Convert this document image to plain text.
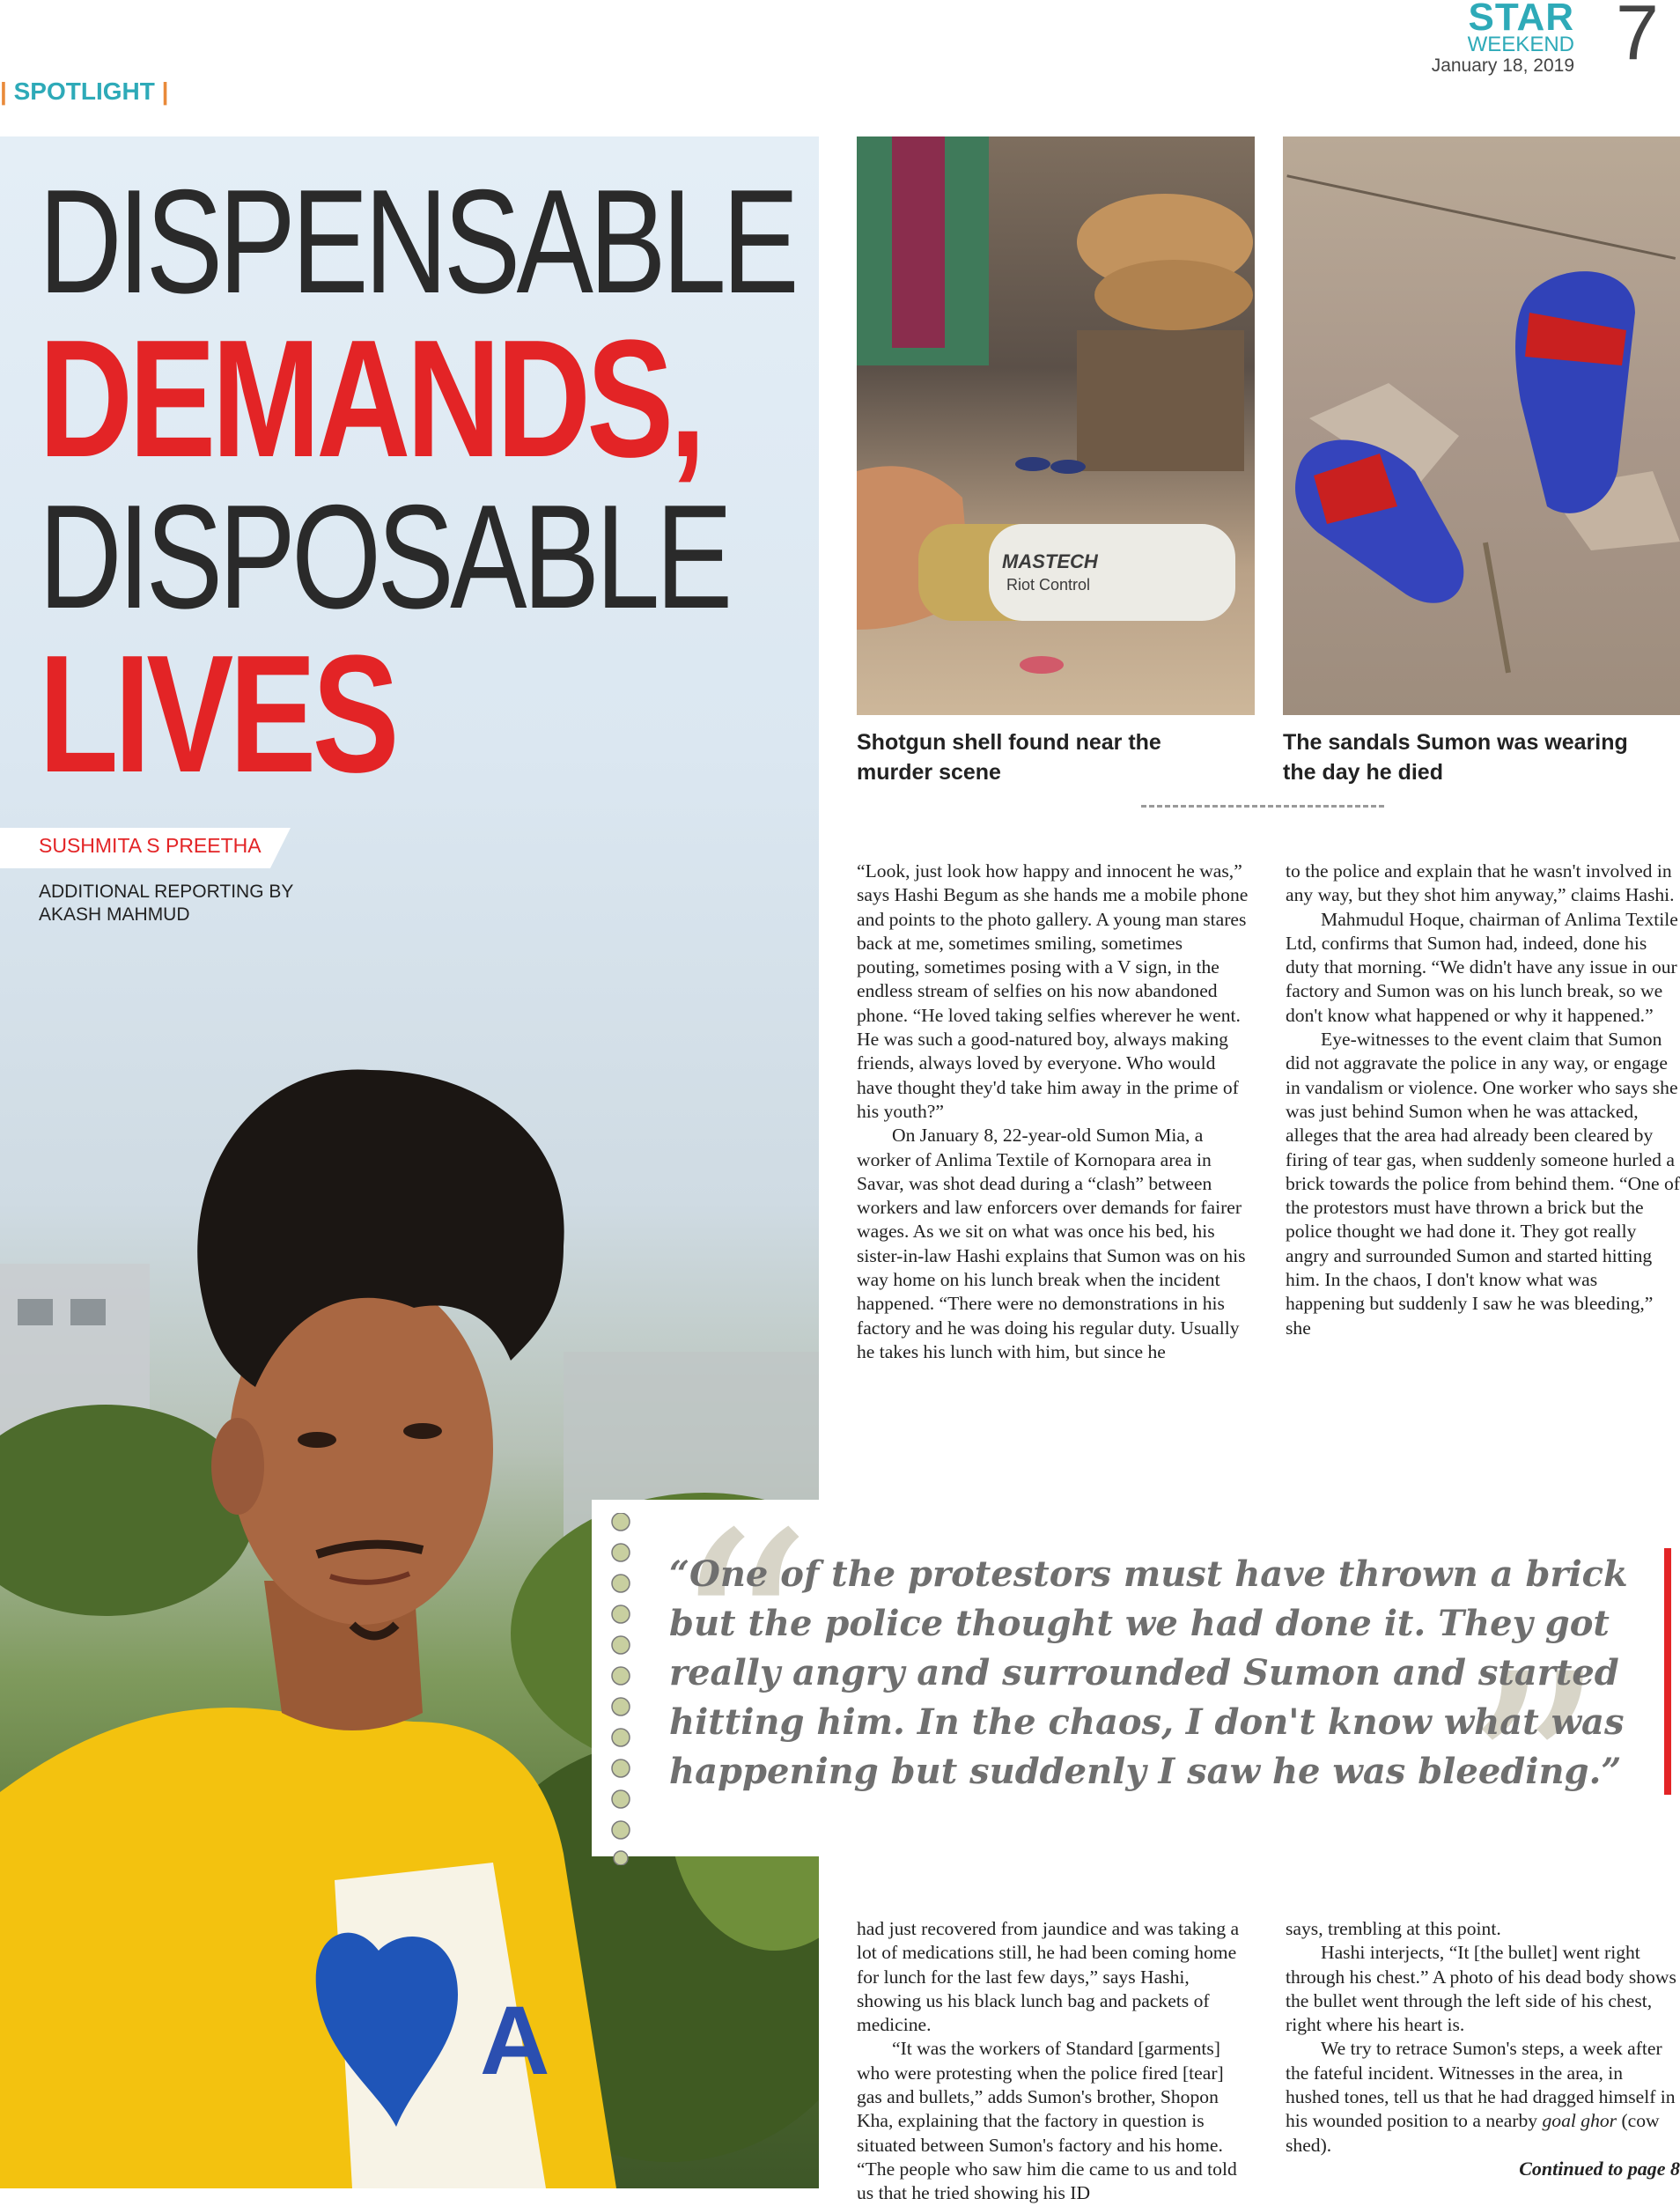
STAR
WEEKEND
January 18, 2019 7
| SPOTLIGHT |
A
DISPENSABLE
DEMANDS,
DISPOSABLE
LIVES
SUSHMITA S PREETHA
ADDITIONAL REPORTING BY AKASH MAHMUD
MASTECH
Riot Control
Shotgun shell found near the murder scene
The sandals Sumon was wearing the day he died

“Look, just look how happy and innocent he was,” says Hashi Begum as she hands me a mobile phone and points to the photo gallery. A young man stares back at me, sometimes smiling, sometimes pouting, sometimes posing with a V sign, in the endless stream of selfies on his now abandoned phone. “He loved taking selfies wherever he went. He was such a good-natured boy, always making friends, always loved by everyone. Who would have thought they'd take him away in the prime of his youth?”

On January 8, 22-year-old Sumon Mia, a worker of Anlima Textile of Kornopara area in Savar, was shot dead during a “clash” between workers and law enforcers over demands for fairer wages. As we sit on what was once his bed, his sister-in-law Hashi explains that Sumon was on his way home on his lunch break when the incident happened. “There were no demonstrations in his factory and he was doing his regular duty. Usually he takes his lunch with him, but since he

to the police and explain that he wasn't involved in any way, but they shot him anyway,” claims Hashi.

Mahmudul Hoque, chairman of Anlima Textile Ltd, confirms that Sumon had, indeed, done his duty that morning. “We didn't have any issue in our factory and Sumon was on his lunch break, so we don't know what happened or why it happened.”

Eye-witnesses to the event claim that Sumon did not aggravate the police in any way, or engage in vandalism or violence. One worker who says she was just behind Sumon when he was attacked, alleges that the area had already been cleared by firing of tear gas, when suddenly someone hurled a brick towards the police from behind them. “One of the protestors must have thrown a brick but the police thought we had done it. They got really angry and surrounded Sumon and started hitting him. In the chaos, I don't know what was happening but suddenly I saw he was bleeding,” she

“ ”
“One of the protestors must have thrown a brick but the police thought we had done it. They got really angry and surrounded Sumon and started hitting him. In the chaos, I don't know what was happening but suddenly I saw he was bleeding.”

had just recovered from jaundice and was taking a lot of medications still, he had been coming home for lunch for the last few days,” says Hashi, showing us his black lunch bag and packets of medicine.

“It was the workers of Standard [garments] who were protesting when the police fired [tear] gas and bullets,” adds Sumon's brother, Shopon Kha, explaining that the factory in question is situated between Sumon's factory and his home. “The people who saw him die came to us and told us that he tried showing his ID

says, trembling at this point.

Hashi interjects, “It [the bullet] went right through his chest.” A photo of his dead body shows the bullet went through the left side of his chest, right where his heart is.

We try to retrace Sumon's steps, a week after the fateful incident. Witnesses in the area, in hushed tones, tell us that he had dragged himself in his wounded position to a nearby goal ghor (cow shed).

Continued to page 8
